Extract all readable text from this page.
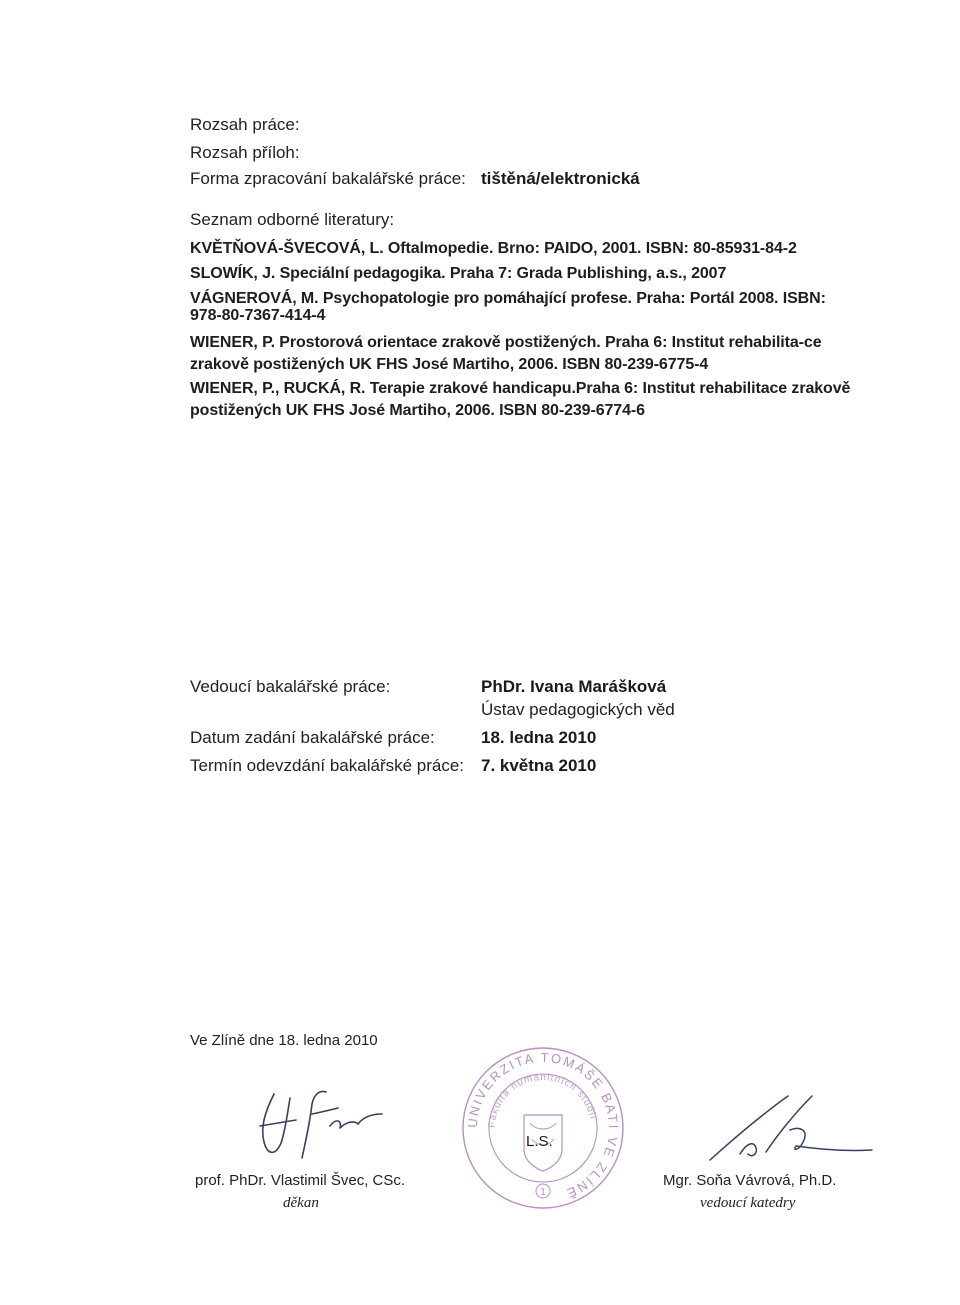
Rozsah práce:
Rozsah příloh:
Forma zpracování bakalářské práce: tištěná/elektronická
Seznam odborné literatury:
KVĚTŇOVÁ-ŠVECOVÁ, L. Oftalmopedie. Brno: PAIDO, 2001. ISBN: 80-85931-84-2
SLOWÍK, J. Speciální pedagogika. Praha 7: Grada Publishing, a.s., 2007
VÁGNEROVÁ, M. Psychopatologie pro pomáhající profese. Praha: Portál 2008. ISBN:
978-80-7367-414-4
WIENER, P. Prostorová orientace zrakově postižených. Praha 6: Institut rehabilita-ce
zrakově postižených UK FHS José Martiho, 2006. ISBN 80-239-6775-4
WIENER, P., RUCKÁ, R. Terapie zrakové handicapu.Praha 6: Institut rehabilitace zrakově
postižených UK FHS José Martiho, 2006. ISBN 80-239-6774-6
Vedoucí bakalářské práce:	PhDr. Ivana Marášková
Ústav pedagogických věd
Datum zadání bakalářské práce:	18. ledna 2010
Termín odevzdání bakalářské práce: 7. května 2010
Ve Zlíně dne 18. ledna 2010
prof. PhDr. Vlastimil Švec, CSc.
děkan
UNIVERZITA TOMÁŠE BATI VE ZLÍNĚ
Fakulta humanitních studií
L.S.
1
Mgr. Soňa Vávrová, Ph.D.
vedoucí katedry
